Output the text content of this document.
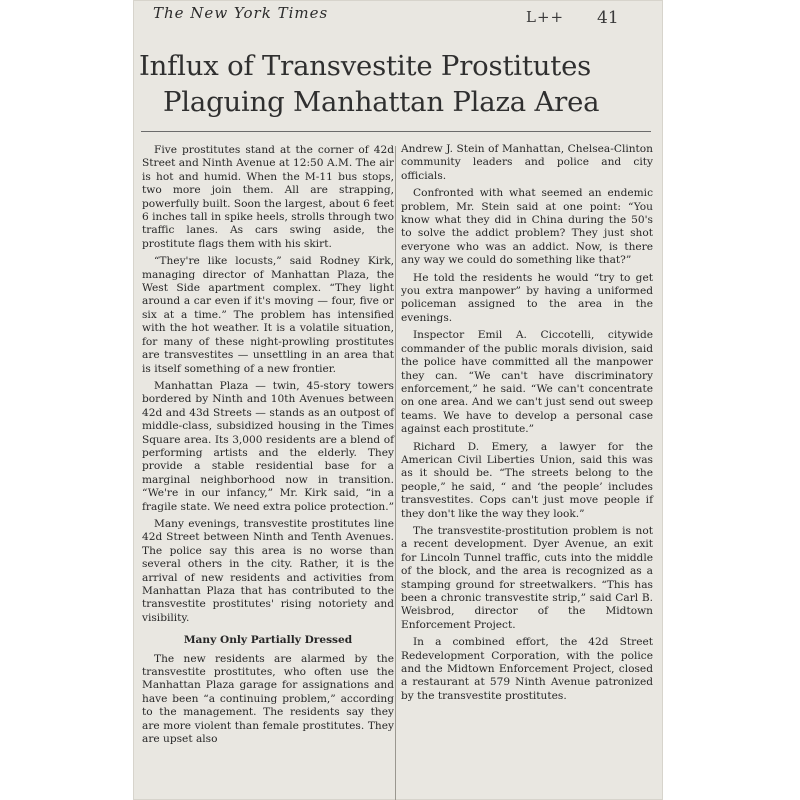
The New York Times	L++ 41
Influx of Transvestite Prostitutes
Plaguing Manhattan Plaza Area

Five prostitutes stand at the corner of 42d Street and Ninth Avenue at 12:50 A.M. The air is hot and humid. When the M-11 bus stops, two more join them. All are strapping, powerfully built. Soon the largest, about 6 feet 6 inches tall in spike heels, strolls through two traffic lanes. As cars swing aside, the prostitute flags them with his skirt.

“They're like locusts,” said Rodney Kirk, managing director of Manhattan Plaza, the West Side apartment complex. “They light around a car even if it's moving — four, five or six at a time.” The problem has intensified with the hot weather. It is a volatile situation, for many of these night-prowling prostitutes are transvestites — unsettling in an area that is itself something of a new frontier.

Manhattan Plaza — twin, 45-story towers bordered by Ninth and 10th Avenues between 42d and 43d Streets — stands as an outpost of middle-class, subsidized housing in the Times Square area. Its 3,000 residents are a blend of performing artists and the elderly. They provide a stable residential base for a marginal neighborhood now in transition. “We're in our infancy,” Mr. Kirk said, “in a fragile state. We need extra police protection.”

Many evenings, transvestite prostitutes line 42d Street between Ninth and Tenth Avenues. The police say this area is no worse than several others in the city. Rather, it is the arrival of new residents and activities from Manhattan Plaza that has contributed to the transvestite prostitutes' rising notoriety and visibility.

Many Only Partially Dressed

The new residents are alarmed by the transvestite prostitutes, who often use the Manhattan Plaza garage for assignations and have been “a continuing problem,” according to the management. The residents say they are more violent than female prostitutes. They are upset also

Andrew J. Stein of Manhattan, Chelsea-Clinton community leaders and police and city officials.

Confronted with what seemed an endemic problem, Mr. Stein said at one point: “You know what they did in China during the 50's to solve the addict problem? They just shot everyone who was an addict. Now, is there any way we could do something like that?”

He told the residents he would “try to get you extra manpower” by having a uniformed policeman assigned to the area in the evenings.

Inspector Emil A. Ciccotelli, citywide commander of the public morals division, said the police have committed all the manpower they can. “We can't have discriminatory enforcement,” he said. “We can't concentrate on one area. And we can't just send out sweep teams. We have to develop a personal case against each prostitute.”

Richard D. Emery, a lawyer for the American Civil Liberties Union, said this was as it should be. “The streets belong to the people,” he said, “ and ‘the people’ includes transvestites. Cops can't just move people if they don't like the way they look.”

The transvestite-prostitution problem is not a recent development. Dyer Avenue, an exit for Lincoln Tunnel traffic, cuts into the middle of the block, and the area is recognized as a stamping ground for streetwalkers. “This has been a chronic transvestite strip,” said Carl B. Weisbrod, director of the Midtown Enforcement Project.

In a combined effort, the 42d Street Redevelopment Corporation, with the police and the Midtown Enforcement Project, closed a restaurant at 579 Ninth Avenue patronized by the transvestite prostitutes.
